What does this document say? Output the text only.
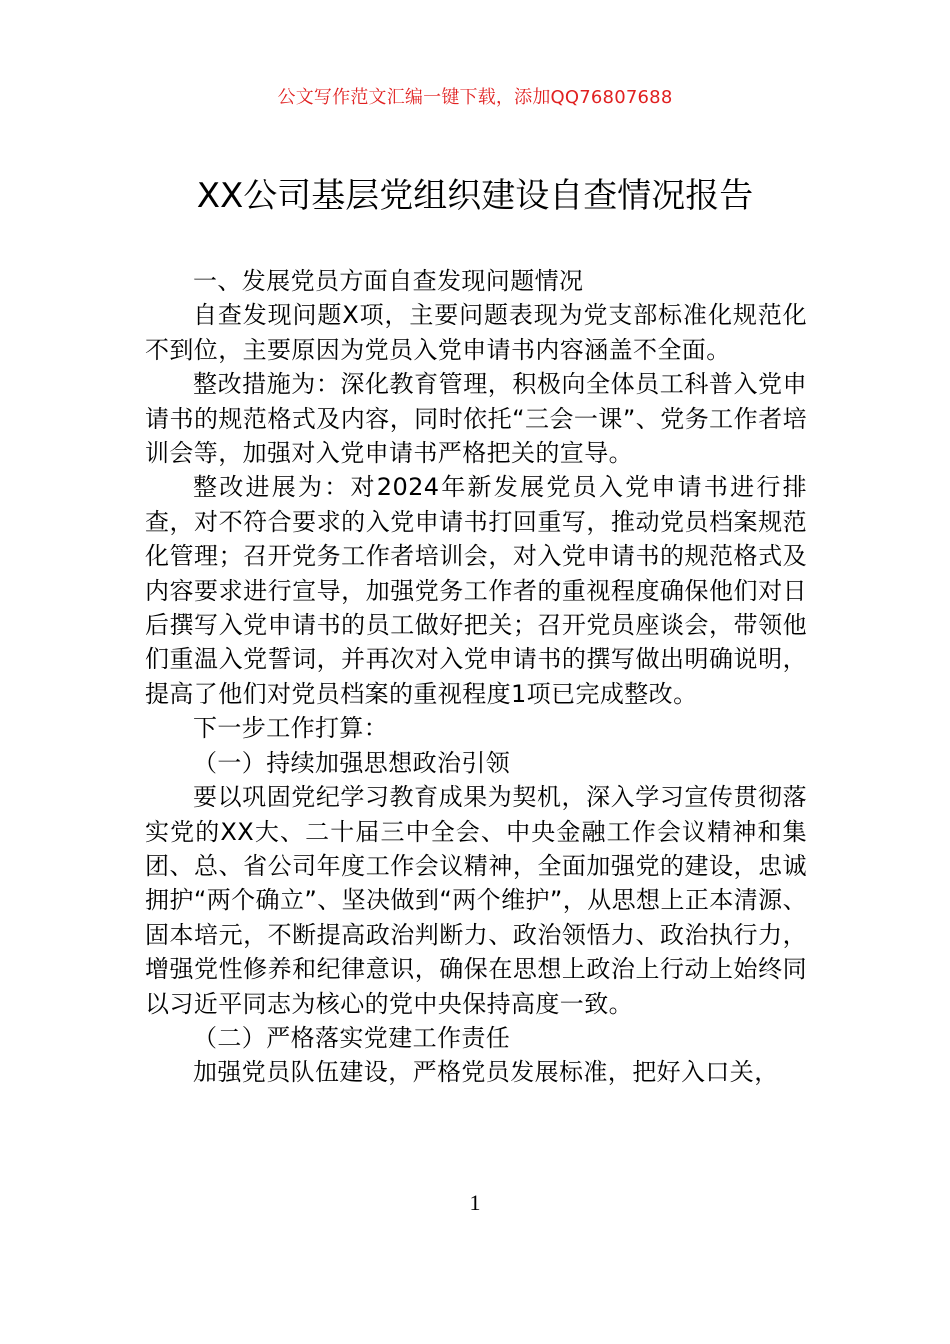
公文写作范文汇编一键下载，添加QQ76807688
XX公司基层党组织建设自查情况报告

一、发展党员方面自查发现问题情况

自查发现问题X项，主要问题表现为党支部标准化规范化不到位，主要原因为党员入党申请书内容涵盖不全面。

整改措施为：深化教育管理，积极向全体员工科普入党申请书的规范格式及内容，同时依托“三会一课”、党务工作者培训会等，加强对入党申请书严格把关的宣导。

整改进展为：对2024年新发展党员入党申请书进行排查，对不符合要求的入党申请书打回重写，推动党员档案规范化管理；召开党务工作者培训会，对入党申请书的规范格式及内容要求进行宣导，加强党务工作者的重视程度确保他们对日后撰写入党申请书的员工做好把关；召开党员座谈会，带领他们重温入党誓词，并再次对入党申请书的撰写做出明确说明，提高了他们对党员档案的重视程度1项已完成整改。

下一步工作打算：

（一）持续加强思想政治引领

要以巩固党纪学习教育成果为契机，深入学习宣传贯彻落实党的XX大、二十届三中全会、中央金融工作会议精神和集团、总、省公司年度工作会议精神，全面加强党的建设，忠诚拥护“两个确立”、坚决做到“两个维护”，从思想上正本清源、固本培元，不断提高政治判断力、政治领悟力、政治执行力，增强党性修养和纪律意识，确保在思想上政治上行动上始终同以习近平同志为核心的党中央保持高度一致。

（二）严格落实党建工作责任

加强党员队伍建设，严格党员发展标准，把好入口关，

1
